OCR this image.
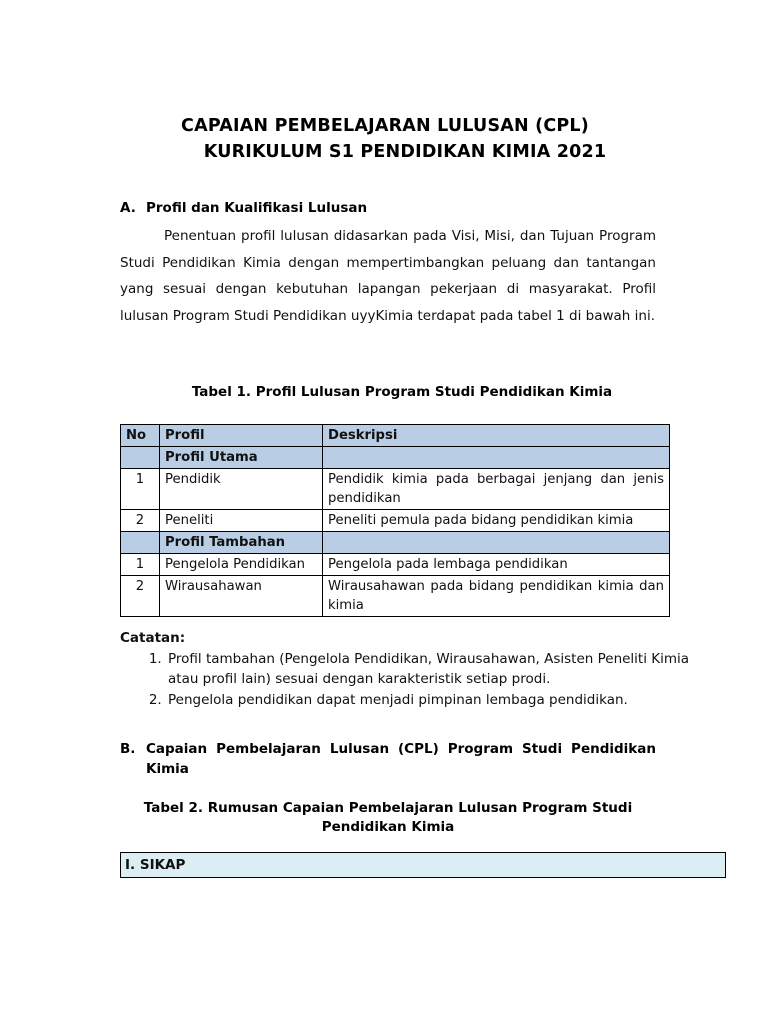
CAPAIAN PEMBELAJARAN LULUSAN (CPL)
KURIKULUM S1 PENDIDIKAN KIMIA 2021
A. Profil dan Kualifikasi Lulusan

Penentuan profil lulusan didasarkan pada Visi, Misi, dan Tujuan Program Studi Pendidikan Kimia dengan mempertimbangkan peluang dan tantangan yang sesuai dengan kebutuhan lapangan pekerjaan di masyarakat. Profil lulusan Program Studi Pendidikan uyyKimia terdapat pada tabel 1 di bawah ini.

Tabel 1. Profil Lulusan Program Studi Pendidikan Kimia
No	Profil	Deskripsi
	Profil Utama	
1	Pendidik	Pendidik kimia pada berbagai jenjang dan jenis pendidikan
2	Peneliti	Peneliti pemula pada bidang pendidikan kimia
	Profil Tambahan	
1	Pengelola Pendidikan	Pengelola pada lembaga pendidikan
2	Wirausahawan	Wirausahawan pada bidang pendidikan kimia dan kimia
Catatan:
1. Profil tambahan (Pengelola Pendidikan, Wirausahawan, Asisten Peneliti Kimia atau profil lain) sesuai dengan karakteristik setiap prodi.
2. Pengelola pendidikan dapat menjadi pimpinan lembaga pendidikan.
B. Capaian Pembelajaran Lulusan (CPL) Program Studi Pendidikan Kimia
Tabel 2. Rumusan Capaian Pembelajaran Lulusan Program Studi Pendidikan Kimia
I. SIKAP
